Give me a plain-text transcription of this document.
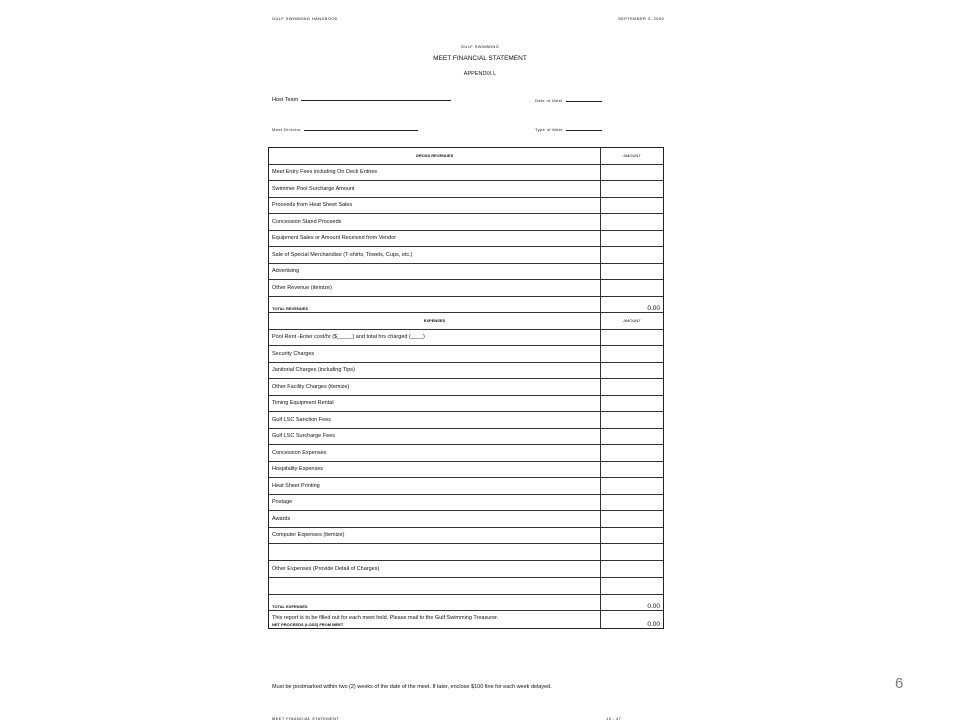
GULF SWIMMING HANDBOOK	SEPTEMBER 3, 2009
GULF SWIMMING
MEET FINANCIAL STATEMENT
APPENDIX L
Host Team	Date of Meet
Meet Director	Type of Meet
GROSS REVENUES	AMOUNT
Meet Entry Fees including On Deck Entries
Swimmer Pool Surcharge Amount
Proceeds from Heat Sheet Sales
Concession Stand Proceeds
Equipment Sales or Amount Received from Vendor
Sale of Special Merchandise (T-shirts, Towels, Cups, etc.)
Advertising
Other Revenue (itemize)
TOTAL REVENUES	0.00
EXPENSES	AMOUNT
Pool Rent -Enter cost/hr ($_____) and total hrs charged (____)
Security Charges
Janitorial Charges (including Tips)
Other Facility Charges (itemize)
Timing Equipment Rental
Gulf LSC Sanction Fees
Gulf LSC Surcharge Fees
Concession Expenses
Hospitality Expenses
Heat Sheet Printing
Postage
Awards
Computer Expenses (itemize)
Other Expenses (Provide Detail of Charges)
TOTAL EXPENSES	0.00
NET PROCEEDS (LOSS) FROM MEET	0.00
This report is to be filled out for each meet held. Please mail to the Gulf Swimming Treasurer.
Must be postmarked within two (2) weeks of the date of the meet. If later, enclose $100 fine for each week delayed.
MEET FINANCIAL STATEMENT	13 - 47
6
